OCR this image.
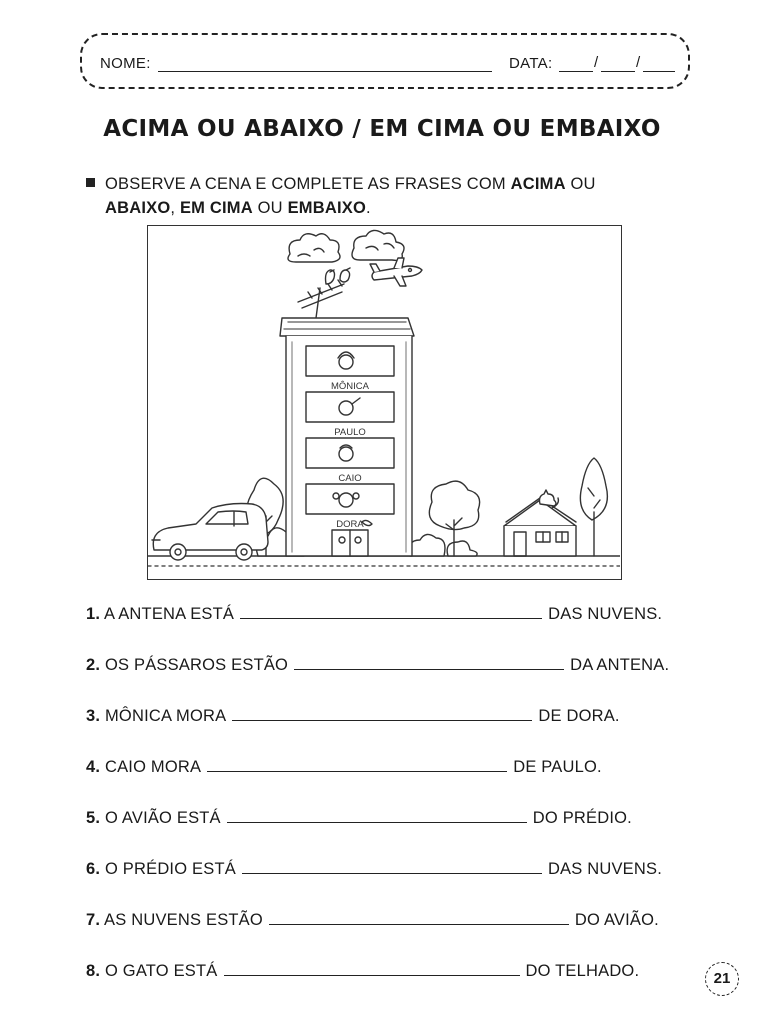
NOME:	DATA:	/	/
ACIMA OU ABAIXO / EM CIMA OU EMBAIXO
OBSERVE A CENA E COMPLETE AS FRASES COM ACIMA OU
ABAIXO, EM CIMA OU EMBAIXO.
MÔNICA
PAULO
CAIO
DORA
1. A ANTENA ESTÁ	DAS NUVENS.
2. OS PÁSSAROS ESTÃO	DA ANTENA.
3. MÔNICA MORA	DE DORA.
4. CAIO MORA	DE PAULO.
5. O AVIÃO ESTÁ	DO PRÉDIO.
6. O PRÉDIO ESTÁ	DAS NUVENS.
7. AS NUVENS ESTÃO	DO AVIÃO.
8. O GATO ESTÁ	DO TELHADO.	21
